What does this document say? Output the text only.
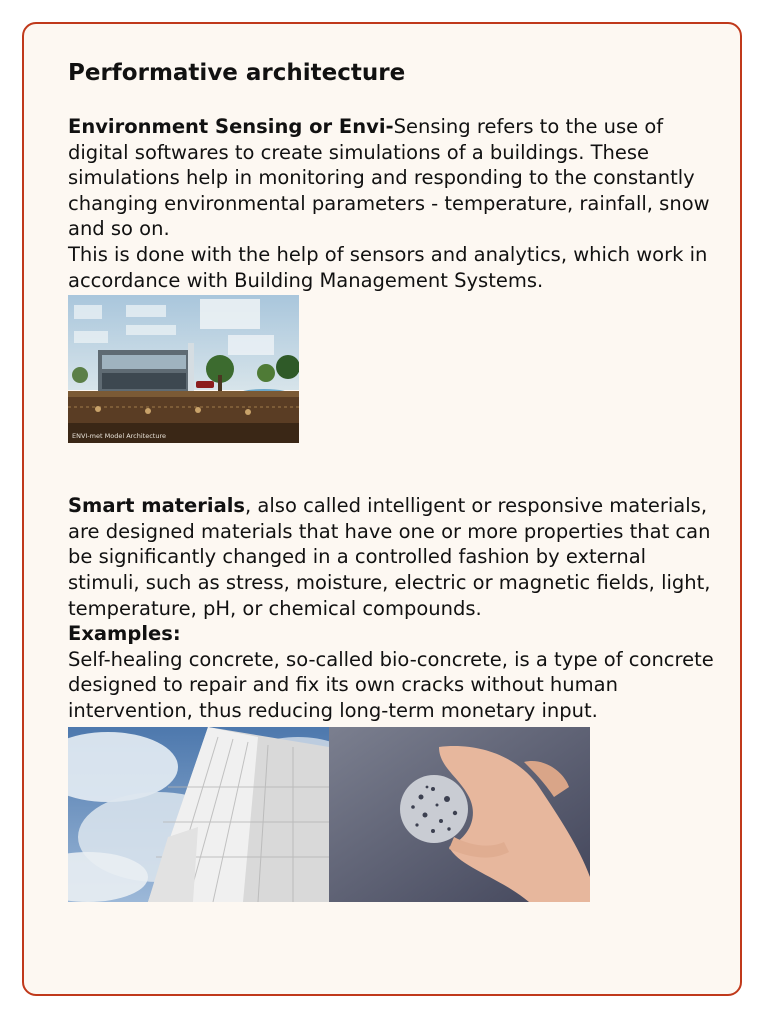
Performative architecture

Environment Sensing or Envi-Sensing refers to the use of digital softwares to create simulations of a buildings. These simulations help in monitoring and responding to the constantly changing environmental parameters - temperature, rainfall, snow and so on.

This is done with the help of sensors and analytics, which work in accordance with Building Management Systems.

ENVI-met Model Architecture

Smart materials, also called intelligent or responsive materials, are designed materials that have one or more properties that can be significantly changed in a controlled fashion by external stimuli, such as stress, moisture, electric or magnetic fields, light, temperature, pH, or chemical compounds.

Examples:

Self-healing concrete, so-called bio-concrete, is a type of concrete designed to repair and fix its own cracks without human intervention, thus reducing long-term monetary input.
